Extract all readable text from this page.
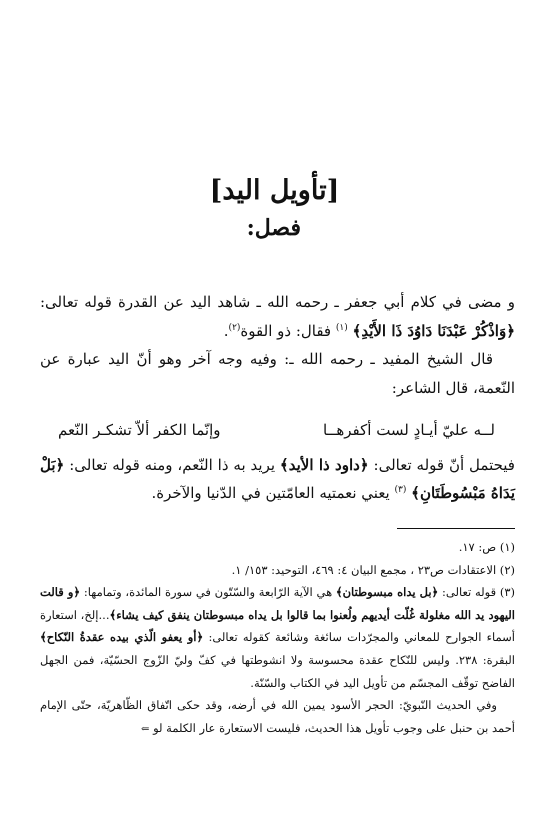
[تأويل اليد]
فصل:

و مضى في كلام أبي جعفر ـ رحمه الله ـ شاهد اليد عن القدرة قوله تعالى: ﴿وَاذْكُرْ عَبْدَنَا دَاوُدَ ذَا الأَيْدِ﴾ $^{(١)}$ فقال: ذو القوة$^{(٢)}$.

قال الشيخ المفيد ـ رحمه الله ـ: وفيه وجه آخر وهو أنّ اليد عبارة عن النّعمة، قال الشاعر:

لــه عليّ أيـادٍ لست أكفرهــا
وإنّما الكفر ألاّ تشكـر النّعم

فيحتمل أنّ قوله تعالى: ﴿داود ذا الأيد﴾ يريد به ذا النّعم، ومنه قوله تعالى: ﴿بَلْ يَدَاهُ مَبْسُوطَتَانِ﴾ $^{(٣)}$ يعني نعمتيه العامّتين في الدّنيا والآخرة.

(١) ص: ١٧.

(٢) الاعتقادات ص٢٣ ، مجمع البيان ٤: ٤٦٩، التوحيد: ١٥٣/ ١.

(٣) قوله تعالى: ﴿بل يداه مبسوطتان﴾ هي الآية الرّابعة والسّتّون في سورة المائدة، وتمامها: ﴿و قالت اليهود يد الله مغلولة غُلّت أيديهم ولُعنوا بما قالوا بل يداه مبسوطتان ينفق كيف يشاء﴾...إلخ، استعارة أسماء الجوارح للمعاني والمجرّدات سائغة وشائعة كقوله تعالى: ﴿أو يعفو الّذي بيده عقدةُ النّكاح﴾ البقرة: ٢٣٨. وليس للنّكاح عقدة محسوسة ولا انشوطتها في كفّ وليّ الزّوج الحسّيّة، فمن الجهل الفاضح توقّف المجسّم من تأويل اليد في الكتاب والسّنّة.

وفي الحديث النّبويّ: الحجر الأسود يمين الله في أرضه، وقد حكى اتّفاق الظّاهريّة، حتّى الإمام أحمد بن حنبل على وجوب تأويل هذا الحديث، فليست الاستعارة عار الكلمة لو ⇐
